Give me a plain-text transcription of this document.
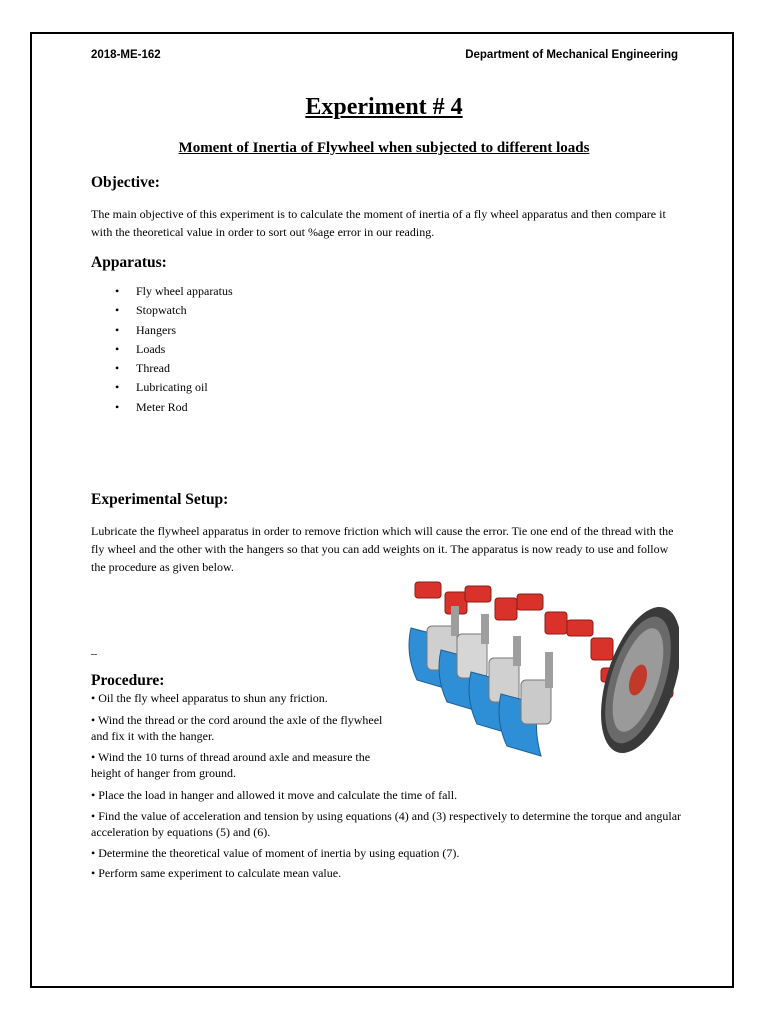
2018-ME-162	Department of Mechanical Engineering
Experiment # 4
Moment of Inertia of Flywheel when subjected to different loads
Objective:
The main objective of this experiment is to calculate the moment of inertia of a fly wheel apparatus and then compare it with the theoretical value in order to sort out %age error in our reading.
Apparatus:
• Fly wheel apparatus
• Stopwatch
• Hangers
• Loads
• Thread
• Lubricating oil
• Meter Rod
Experimental Setup:
Lubricate the flywheel apparatus in order to remove friction which will cause the error. Tie one end of the thread with the fly wheel and the other with the hangers so that you can add weights on it. The apparatus is now ready to use and follow the procedure as given below.
–
Procedure:
• Oil the fly wheel apparatus to shun any friction.
• Wind the thread or the cord around the axle of the flywheel and fix it with the hanger.
• Wind the 10 turns of thread around axle and measure the height of hanger from ground.
• Place the load in hanger and allowed it move and calculate the time of fall.
• Find the value of acceleration and tension by using equations (4) and (3) respectively to determine the torque and angular acceleration by equations (5) and (6).
• Determine the theoretical value of moment of inertia by using equation (7).
• Perform same experiment to calculate mean value.
